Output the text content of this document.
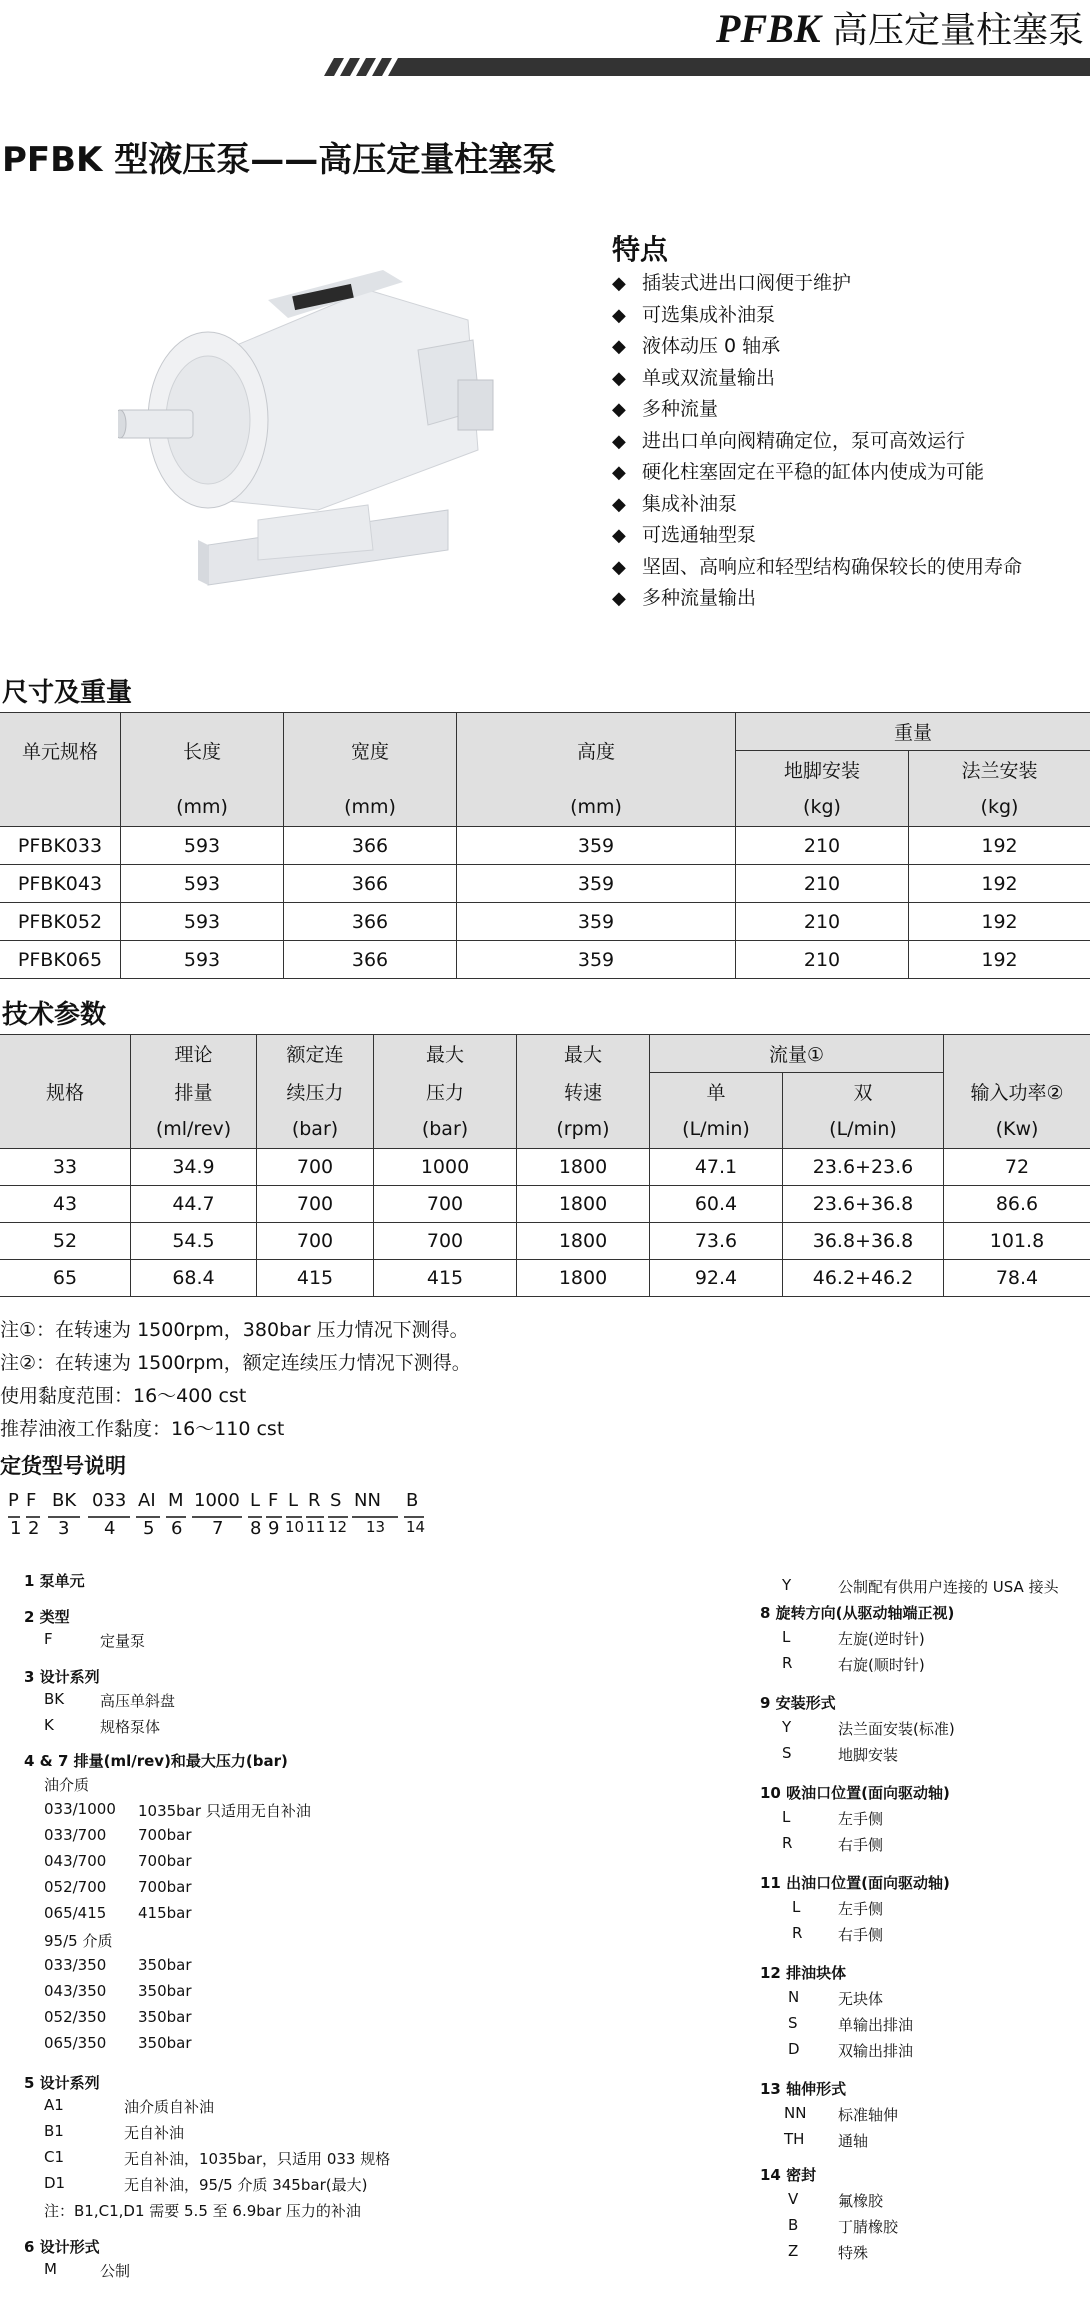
PFBK 高压定量柱塞泵
PFBK 型液压泵——高压定量柱塞泵
特点
◆ 插装式进出口阀便于维护
◆ 可选集成补油泵
◆ 液体动压 0 轴承
◆ 单或双流量输出
◆ 多种流量
◆ 进出口单向阀精确定位，泵可高效运行
◆ 硬化柱塞固定在平稳的缸体内使成为可能
◆ 集成补油泵
◆ 可选通轴型泵
◆ 坚固、高响应和轻型结构确保较长的使用寿命
◆ 多种流量输出
尺寸及重量
单元规格	长度	宽度	高度	重量	
				地脚安装	法兰安装
	(mm)	(mm)	(mm)	(kg)	(kg)
PFBK033	593	366	359	210	192
PFBK043	593	366	359	210	192
PFBK052	593	366	359	210	192
PFBK065	593	366	359	210	192
技术参数
	理论	额定连	最大	最大	流量①		
规格	排量	续压力	压力	转速	单	双	输入功率②
	(ml/rev)	(bar)	(bar)	(rpm)	(L/min)	(L/min)	(Kw)
33	34.9	700	1000	1800	47.1	23.6+23.6	72
43	44.7	700	700	1800	60.4	23.6+36.8	86.6
52	54.5	700	700	1800	73.6	36.8+36.8	101.8
65	68.4	415	415	1800	92.4	46.2+46.2	78.4
注①：在转速为 1500rpm，380bar 压力情况下测得。
注②：在转速为 1500rpm，额定连续压力情况下测得。
使用黏度范围：16～400 cst
推荐油液工作黏度：16～110 cst
定货型号说明
P F BK 033 AI M 1000 L F L R S NN B
1 2 3 4 5 6 7 8 9 10 11 12 13 14
1 泵单元
2 类型
F	定量泵
3 设计系列
BK 高压单斜盘
K	规格泵体
4 & 7 排量(ml/rev)和最大压力(bar)
油介质
033/1000 1035bar 只适用无自补油
033/700 700bar
043/700 700bar
052/700 700bar
065/415 415bar
95/5 介质
033/350 350bar
043/350 350bar
052/350 350bar
065/350 350bar
5 设计系列
A1	油介质自补油
B1	无自补油
C1	无自补油，1035bar，只适用 033 规格
D1	无自补油，95/5 介质 345bar(最大)
注：B1,C1,D1 需要 5.5 至 6.9bar 压力的补油
6 设计形式
M	公制
Y	公制配有供用户连接的 USA 接头
8 旋转方向(从驱动轴端正视)
L	左旋(逆时针)
R	右旋(顺时针)
9 安装形式
Y	法兰面安装(标准)
S	地脚安装
10 吸油口位置(面向驱动轴)
L	左手侧
R	右手侧
11 出油口位置(面向驱动轴)
L	左手侧
R 右手侧
12 排油块体
N	无块体
S	单输出排油
D	双输出排油
13 轴伸形式
NN 标准轴伸
TH 通轴
14 密封
V	氟橡胶
B	丁腈橡胶
Z	特殊
